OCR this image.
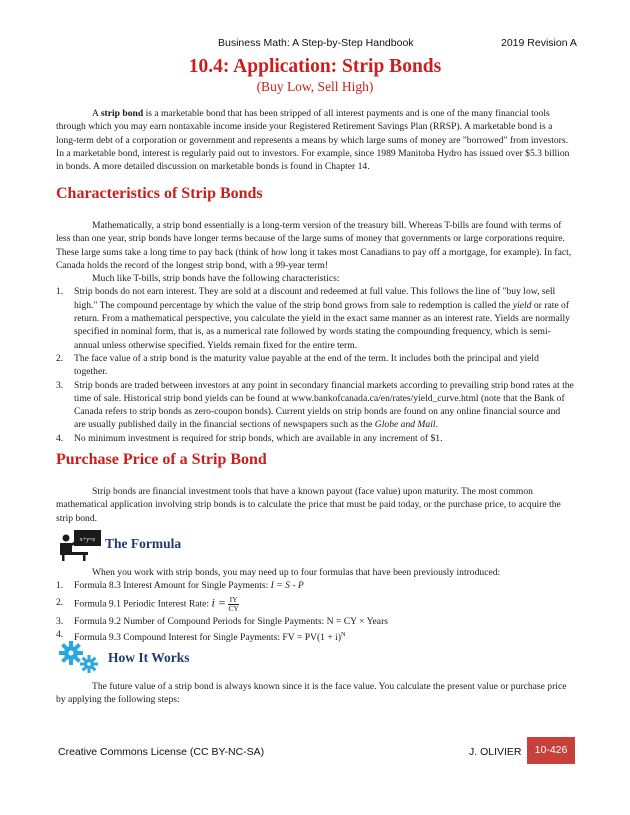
Business Math: A Step-by-Step Handbook	2019 Revision A
10.4: Application: Strip Bonds
(Buy Low, Sell High)

A strip bond is a marketable bond that has been stripped of all interest payments and is one of the many financial tools through which you may earn nontaxable income inside your Registered Retirement Savings Plan (RRSP). A marketable bond is a long-term debt of a corporation or government and represents a means by which large sums of money are "borrowed" from investors. In a marketable bond, interest is regularly paid out to investors. For example, since 1989 Manitoba Hydro has issued over $5.3 billion in bonds. A more detailed discussion on marketable bonds is found in Chapter 14.

Characteristics of Strip Bonds

Mathematically, a strip bond essentially is a long-term version of the treasury bill. Whereas T-bills are found with terms of less than one year, strip bonds have longer terms because of the large sums of money that governments or large corporations require. These large sums take a long time to pay back (think of how long it takes most Canadians to pay off a mortgage, for example). In fact, Canada holds the record of the longest strip bond, with a 99-year term!

Much like T-bills, strip bonds have the following characteristics:

1. Strip bonds do not earn interest. They are sold at a discount and redeemed at full value. This follows the line of "buy low, sell high." The compound percentage by which the value of the strip bond grows from sale to redemption is called the yield or rate of return. From a mathematical perspective, you calculate the yield in the exact same manner as an interest rate. Yields are normally specified in nominal form, that is, as a numerical rate followed by words stating the compounding frequency, which is semi-annual unless otherwise specified. Yields remain fixed for the entire term.
2. The face value of a strip bond is the maturity value payable at the end of the term. It includes both the principal and yield together.
3. Strip bonds are traded between investors at any point in secondary financial markets according to prevailing strip bond rates at the time of sale. Historical strip bond yields can be found at www.bankofcanada.ca/en/rates/yield_curve.html (note that the Bank of Canada refers to strip bonds as zero-coupon bonds). Current yields on strip bonds are found on any online financial source and are usually published daily in the financial sections of newspapers such as the Globe and Mail.
4. No minimum investment is required for strip bonds, which are available in any increment of $1.
Purchase Price of a Strip Bond

Strip bonds are financial investment tools that have a known payout (face value) upon maturity. The most common mathematical application involving strip bonds is to calculate the price that must be paid today, or the purchase price, to acquire the strip bond.

x+y=z The Formula

When you work with strip bonds, you may need up to four formulas that have been previously introduced:

1. Formula 8.3 Interest Amount for Single Payments: I = S - P
2. Formula 9.1 Periodic Interest Rate: $i = \frac{IY}{CY}$
3. Formula 9.2 Number of Compound Periods for Single Payments: N = CY × Years
4. Formula 9.3 Compound Interest for Single Payments: FV = $PV(1 + i)^N$
How It Works

The future value of a strip bond is always known since it is the face value. You calculate the present value or purchase price by applying the following steps:

Creative Commons License (CC BY-NC-SA)	J. OLIVIER	10-426
